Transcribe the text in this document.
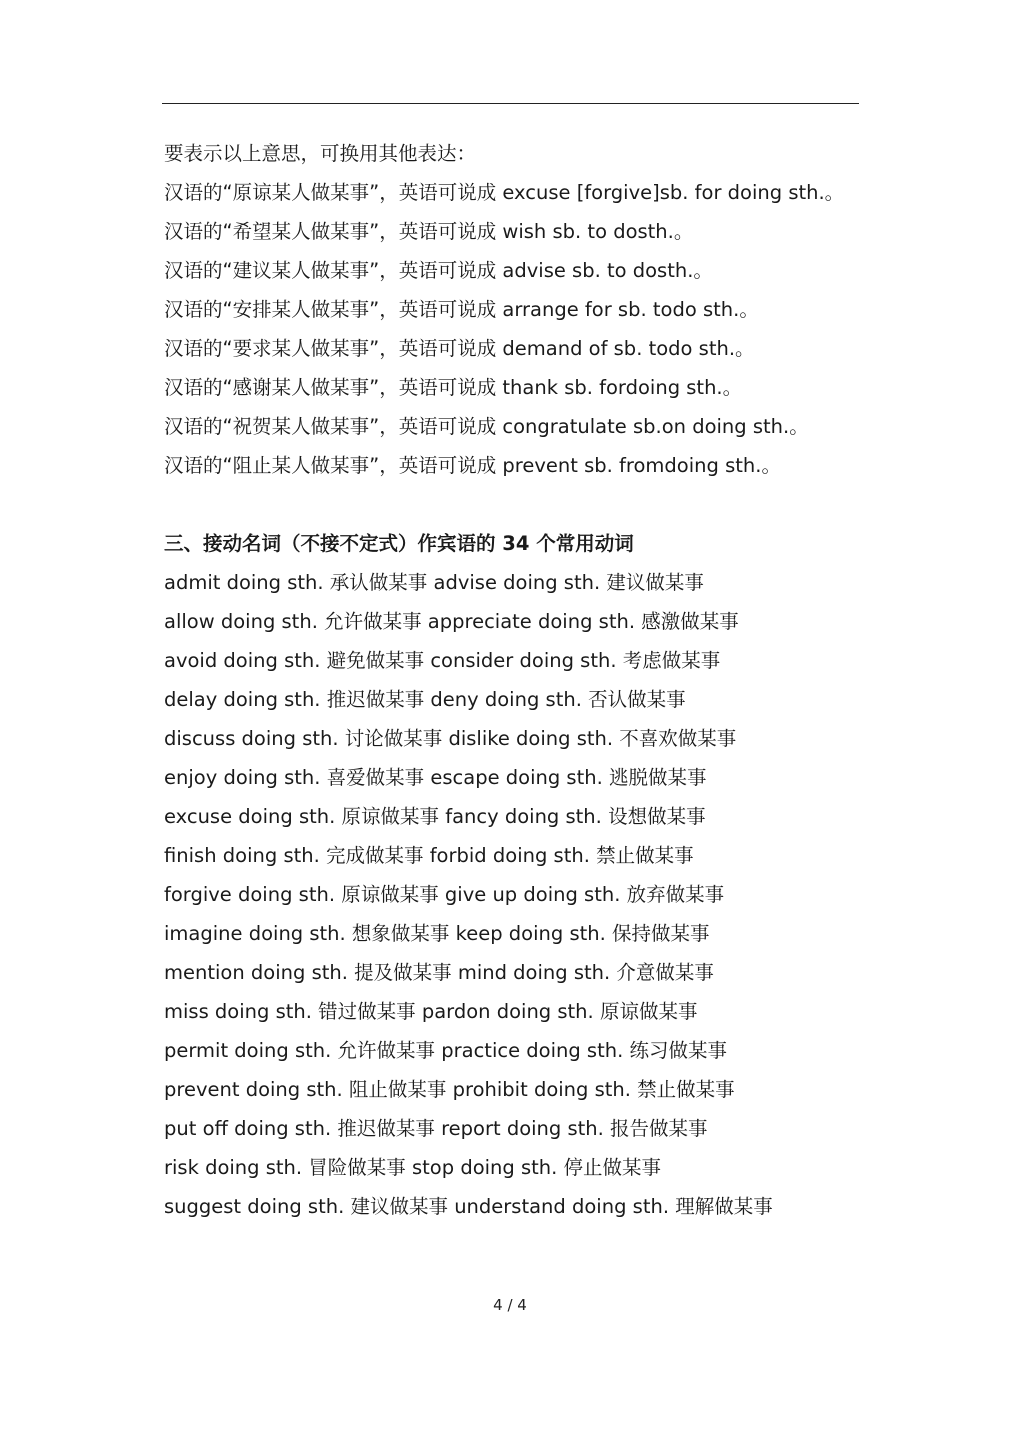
要表示以上意思，可换用其他表达：
汉语的“原谅某人做某事”，英语可说成 excuse [forgive]sb. for doing sth.。
汉语的“希望某人做某事”，英语可说成 wish sb. to dosth.。
汉语的“建议某人做某事”，英语可说成 advise sb. to dosth.。
汉语的“安排某人做某事”，英语可说成 arrange for sb. todo sth.。
汉语的“要求某人做某事”，英语可说成 demand of sb. todo sth.。
汉语的“感谢某人做某事”，英语可说成 thank sb. fordoing sth.。
汉语的“祝贺某人做某事”，英语可说成 congratulate sb.on doing sth.。
汉语的“阻止某人做某事”，英语可说成 prevent sb. fromdoing sth.。
三、接动名词（不接不定式）作宾语的 34 个常用动词
admit doing sth. 承认做某事 advise doing sth. 建议做某事
allow doing sth. 允许做某事 appreciate doing sth. 感激做某事
avoid doing sth. 避免做某事 consider doing sth. 考虑做某事
delay doing sth. 推迟做某事 deny doing sth. 否认做某事
discuss doing sth. 讨论做某事 dislike doing sth. 不喜欢做某事
enjoy doing sth. 喜爱做某事 escape doing sth. 逃脱做某事
excuse doing sth. 原谅做某事 fancy doing sth. 设想做某事
finish doing sth. 完成做某事 forbid doing sth. 禁止做某事
forgive doing sth. 原谅做某事 give up doing sth. 放弃做某事
imagine doing sth. 想象做某事 keep doing sth. 保持做某事
mention doing sth. 提及做某事 mind doing sth. 介意做某事
miss doing sth. 错过做某事 pardon doing sth. 原谅做某事
permit doing sth. 允许做某事 practice doing sth. 练习做某事
prevent doing sth. 阻止做某事 prohibit doing sth. 禁止做某事
put off doing sth. 推迟做某事 report doing sth. 报告做某事
risk doing sth. 冒险做某事 stop doing sth. 停止做某事
suggest doing sth. 建议做某事 understand doing sth. 理解做某事
4 / 4
